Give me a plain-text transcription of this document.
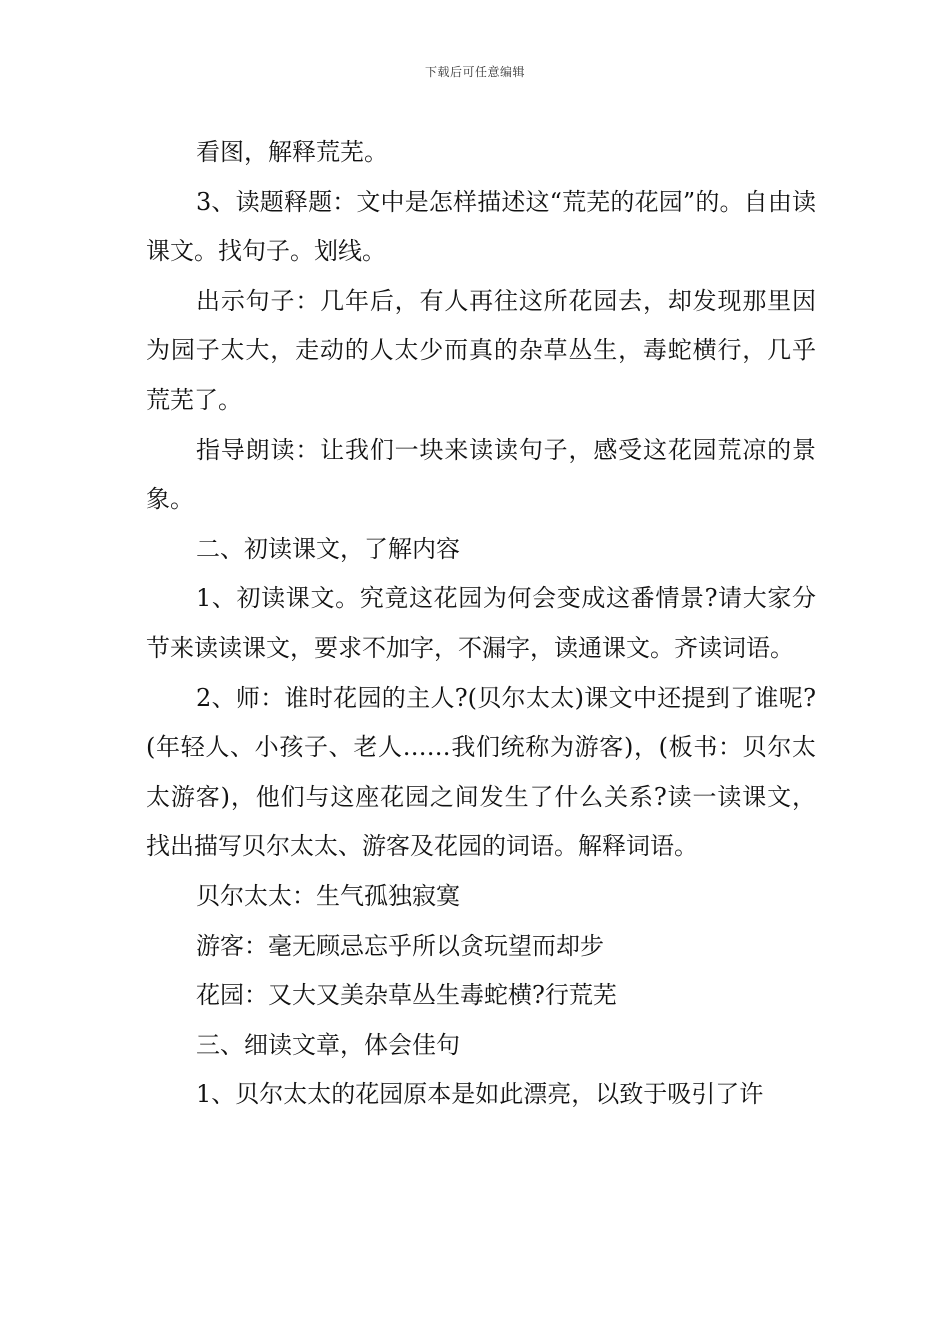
下载后可任意编辑

看图，解释荒芜。

3、读题释题：文中是怎样描述这“荒芜的花园”的。自由读课文。找句子。划线。

出示句子：几年后，有人再往这所花园去，却发现那里因为园子太大，走动的人太少而真的杂草丛生，毒蛇横行，几乎荒芜了。

指导朗读：让我们一块来读读句子，感受这花园荒凉的景象。

二、初读课文，了解内容

1、初读课文。究竟这花园为何会变成这番情景?请大家分节来读读课文，要求不加字，不漏字，读通课文。齐读词语。

2、师：谁时花园的主人?(贝尔太太)课文中还提到了谁呢?(年轻人、小孩子、老人……我们统称为游客)，(板书：贝尔太太游客)，他们与这座花园之间发生了什么关系?读一读课文，找出描写贝尔太太、游客及花园的词语。解释词语。

贝尔太太：生气孤独寂寞

游客：毫无顾忌忘乎所以贪玩望而却步

花园：又大又美杂草丛生毒蛇横?行荒芜

三、细读文章，体会佳句

1、贝尔太太的花园原本是如此漂亮，以致于吸引了许
